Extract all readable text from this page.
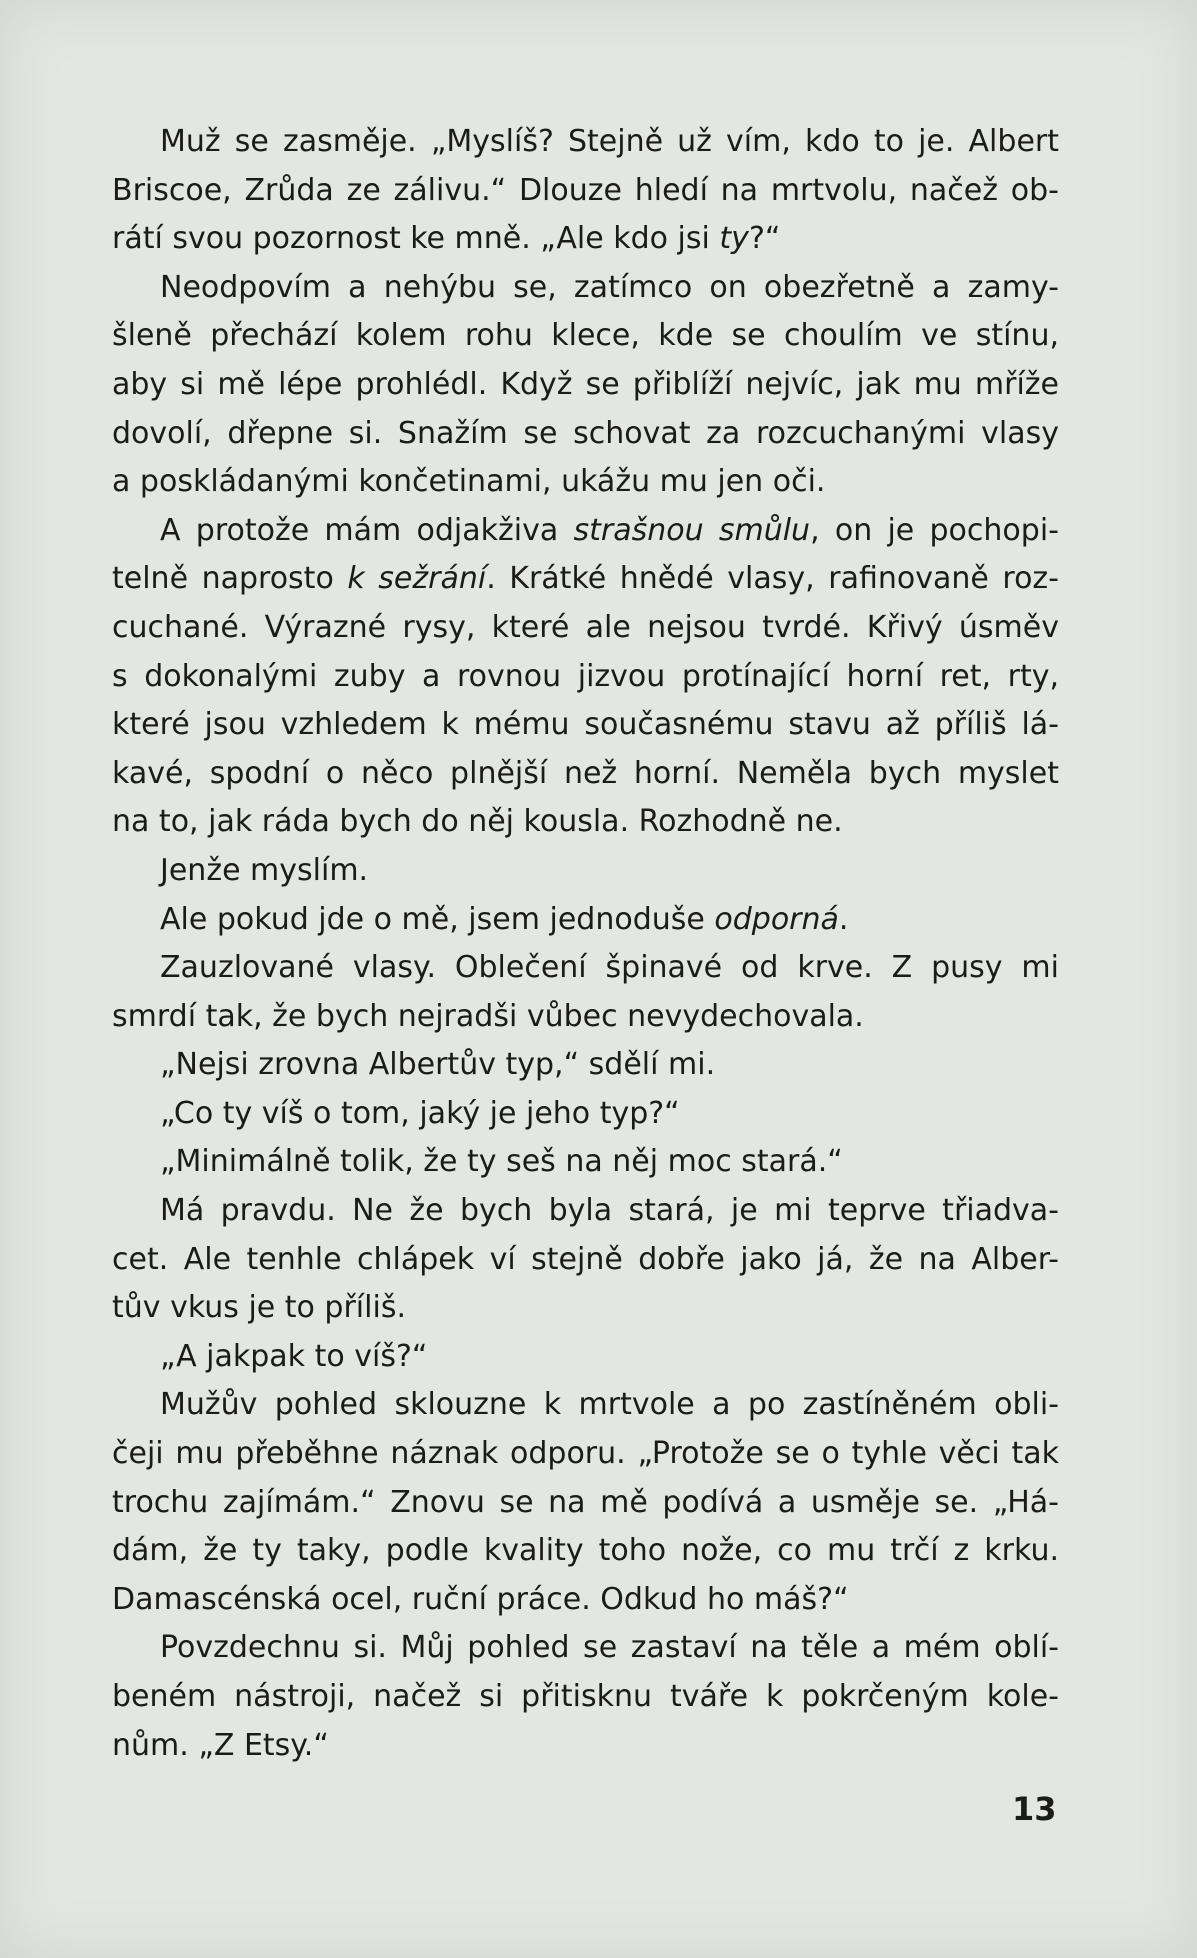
Muž se zasměje. „Myslíš? Stejně už vím, kdo to je. Albert
Briscoe, Zrůda ze zálivu.“ Dlouze hledí na mrtvolu, načež ob-
rátí svou pozornost ke mně. „Ale kdo jsi ty?“
Neodpovím a nehýbu se, zatímco on obezřetně a zamy-
šleně přechází kolem rohu klece, kde se choulím ve stínu,
aby si mě lépe prohlédl. Když se přiblíží nejvíc, jak mu mříže
dovolí, dřepne si. Snažím se schovat za rozcuchanými vlasy
a poskládanými končetinami, ukážu mu jen oči.
A protože mám odjakživa strašnou smůlu, on je pochopi-
telně naprosto k sežrání. Krátké hnědé vlasy, rafinovaně roz-
cuchané. Výrazné rysy, které ale nejsou tvrdé. Křivý úsměv
s dokonalými zuby a rovnou jizvou protínající horní ret, rty,
které jsou vzhledem k mému současnému stavu až příliš lá-
kavé, spodní o něco plnější než horní. Neměla bych myslet
na to, jak ráda bych do něj kousla. Rozhodně ne.
Jenže myslím.
Ale pokud jde o mě, jsem jednoduše odporná.
Zauzlované vlasy. Oblečení špinavé od krve. Z pusy mi
smrdí tak, že bych nejradši vůbec nevydechovala.
„Nejsi zrovna Albertův typ,“ sdělí mi.
„Co ty víš o tom, jaký je jeho typ?“
„Minimálně tolik, že ty seš na něj moc stará.“
Má pravdu. Ne že bych byla stará, je mi teprve třiadva-
cet. Ale tenhle chlápek ví stejně dobře jako já, že na Alber-
tův vkus je to příliš.
„A jakpak to víš?“
Mužův pohled sklouzne k mrtvole a po zastíněném obli-
čeji mu přeběhne náznak odporu. „Protože se o tyhle věci tak
trochu zajímám.“ Znovu se na mě podívá a usměje se. „Há-
dám, že ty taky, podle kvality toho nože, co mu trčí z krku.
Damascénská ocel, ruční práce. Odkud ho máš?“
Povzdechnu si. Můj pohled se zastaví na těle a mém oblí-
beném nástroji, načež si přitisknu tváře k pokrčeným kole-
nům. „Z Etsy.“
13
